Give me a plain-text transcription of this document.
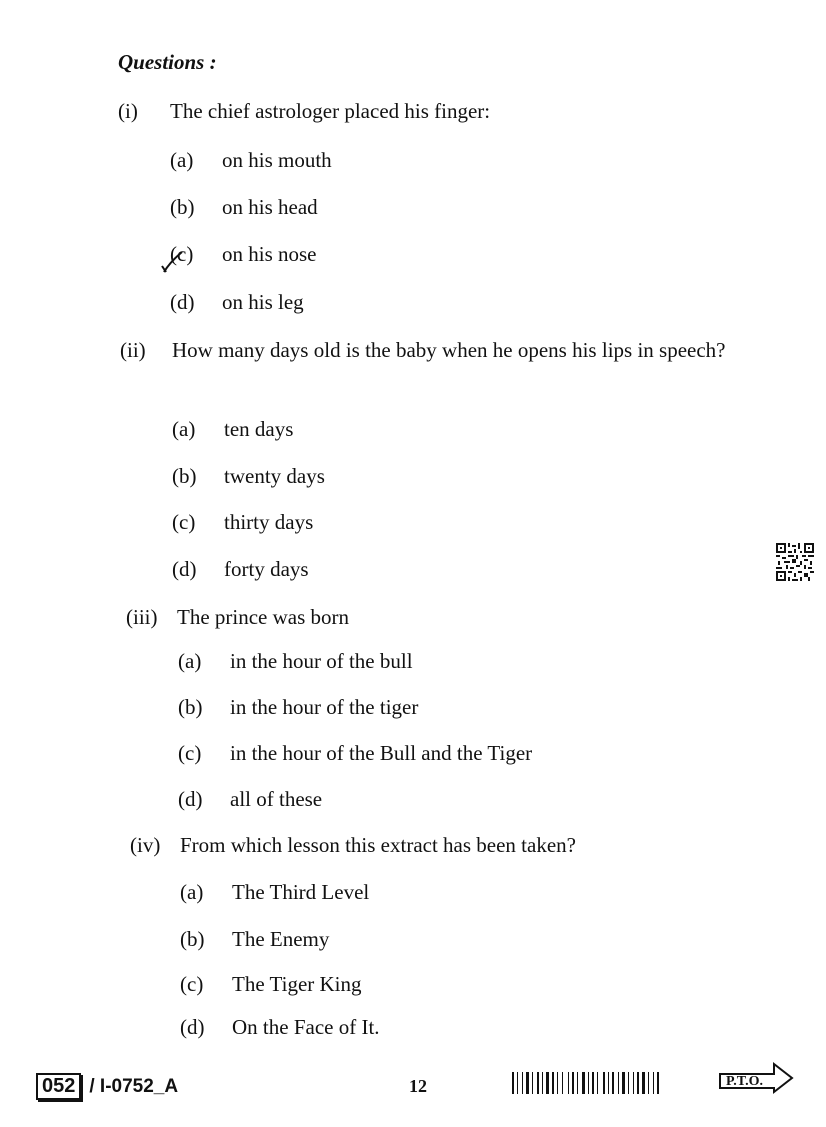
Questions :
(i) The chief astrologer placed his finger:
(a) on his mouth
(b) on his head
(c) on his nose
(d) on his leg
(ii) How many days old is the baby when he opens his lips in speech?
(a) ten days
(b) twenty days
(c) thirty days
(d) forty days
(iii) The prince was born
(a) in the hour of the bull
(b) in the hour of the tiger
(c) in the hour of the Bull and the Tiger
(d) all of these
(iv) From which lesson this extract has been taken?
(a) The Third Level
(b) The Enemy
(c) The Tiger King
(d) On the Face of It.
052 / I-0752_A	12	P.T.O.
